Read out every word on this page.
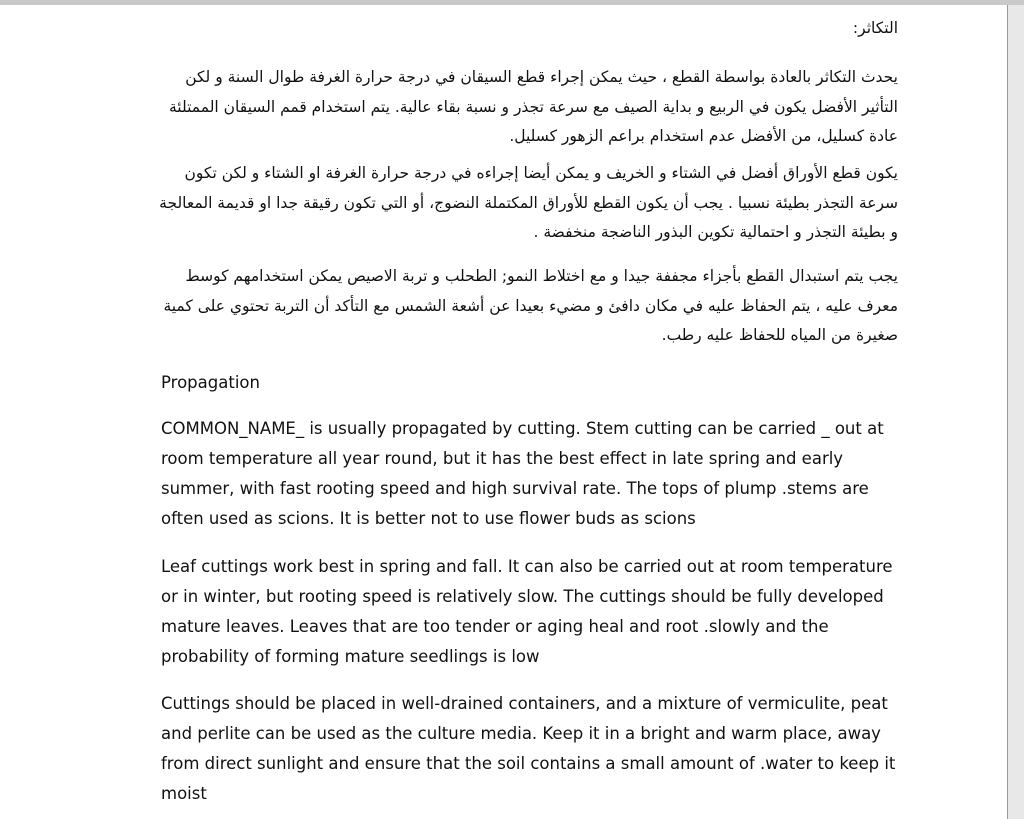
التكاثر:

يحدث التكاثر بالعادة بواسطة القطع ، حيث يمكن إجراء قطع السيقان في درجة حرارة الغرفة طوال السنة و لكن التأثير الأفضل يكون في الربيع و بداية الصيف مع سرعة تجذر و نسبة بقاء عالية. يتم استخدام قمم السيقان الممتلئة عادة كسليل، من الأفضل عدم استخدام براعم الزهور كسليل.

يكون قطع الأوراق أفضل في الشتاء و الخريف و يمكن أيضا إجراءه في درجة حرارة الغرفة او الشتاء و لكن تكون سرعة التجذر بطيئة نسبيا . يجب أن يكون القطع للأوراق المكتملة النضوج، أو التي تكون رقيقة جدا او قديمة المعالجة و بطيئة التجذر و احتمالية تكوين البذور الناضجة منخفضة .

يجب يتم استبدال القطع بأجزاء مجففة جيدا و مع اختلاط النمو; الطحلب و تربة الاصيص يمكن استخدامهم كوسط معرف عليه ، يتم الحفاظ عليه في مكان دافئ و مضيء بعيدا عن أشعة الشمس مع التأكد أن التربة تحتوي على كمية صغيرة من المياه للحفاظ عليه رطب.

Propagation

COMMON_NAME_ is usually propagated by cutting. Stem cutting can be carried _ out at room temperature all year round, but it has the best effect in late spring and early summer, with fast rooting speed and high survival rate. The tops of plump .stems are often used as scions. It is better not to use flower buds as scions

Leaf cuttings work best in spring and fall. It can also be carried out at room temperature or in winter, but rooting speed is relatively slow. The cuttings should be fully developed mature leaves. Leaves that are too tender or aging heal and root .slowly and the probability of forming mature seedlings is low

Cuttings should be placed in well-drained containers, and a mixture of vermiculite, peat and perlite can be used as the culture media. Keep it in a bright and warm place, away from direct sunlight and ensure that the soil contains a small amount of .water to keep it moist
